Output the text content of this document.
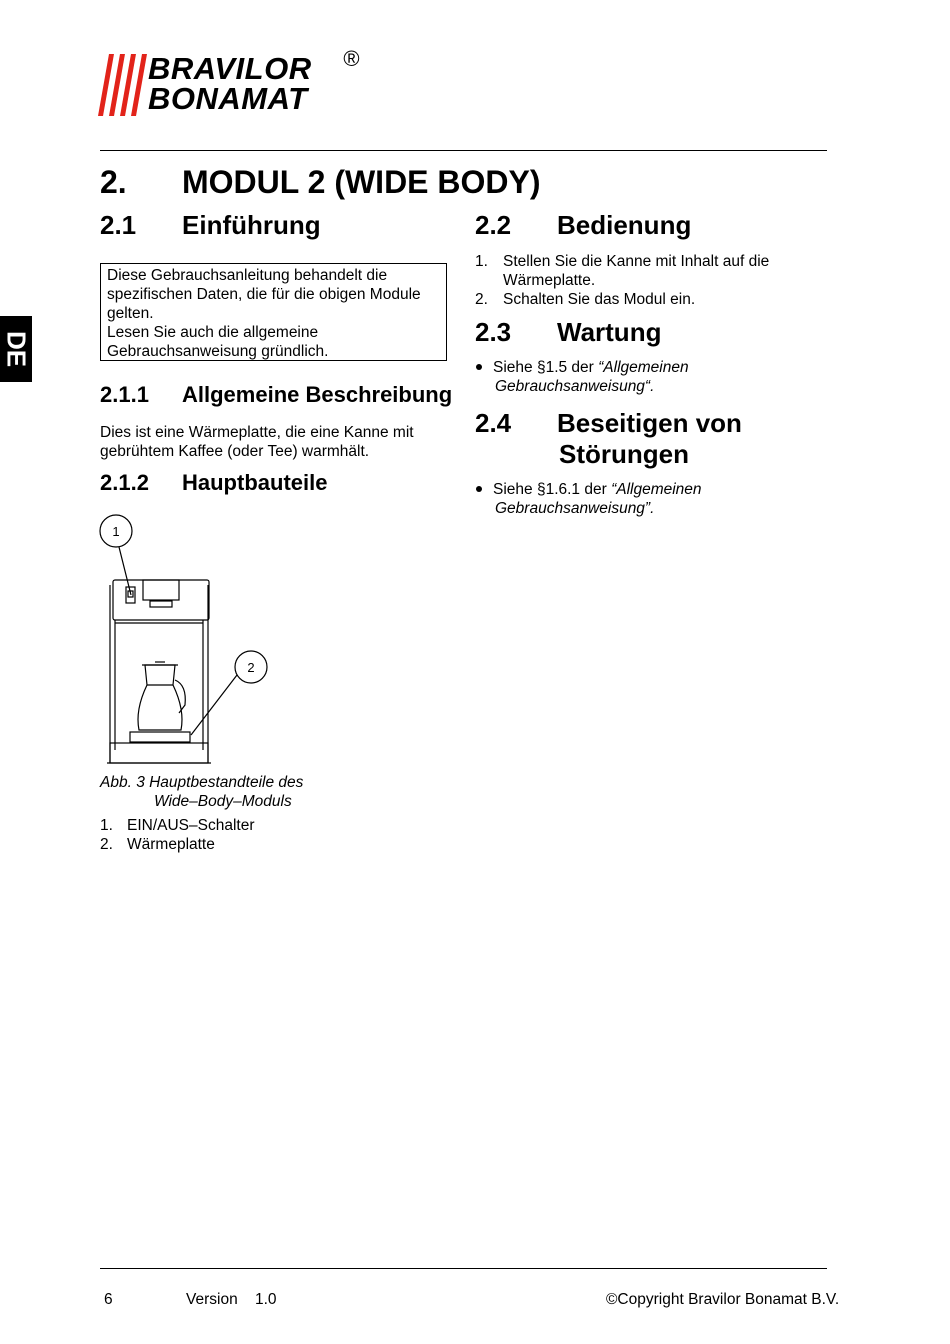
BRAVILOR
BONAMAT
®
DE
2. MODUL 2 (WIDE BODY)
2.1 Einführung
Diese Gebrauchsanleitung behandelt die
spezifischen Daten, die für die obigen Module
gelten.
Lesen Sie auch die allgemeine
Gebrauchsanweisung gründlich.
2.1.1 Allgemeine Beschreibung
Dies ist eine Wärmeplatte, die eine Kanne mit
gebrühtem Kaffee (oder Tee) warmhält.
2.1.2 Hauptbauteile
1
2
Abb. 3 Hauptbestandteile des
Wide–Body–Moduls
1. EIN/AUS–Schalter
2. Wärmeplatte
2.2 Bedienung
1. Stellen Sie die Kanne mit Inhalt auf die
Wärmeplatte.
2. Schalten Sie das Modul ein.
2.3 Wartung
Siehe §1.5 der “Allgemeinen
Gebrauchsanweisung“.
2.4 Beseitigen von
Störungen
Siehe §1.6.1 der “Allgemeinen
Gebrauchsanweisung”.
6	Version 1.0	©Copyright Bravilor Bonamat B.V.
